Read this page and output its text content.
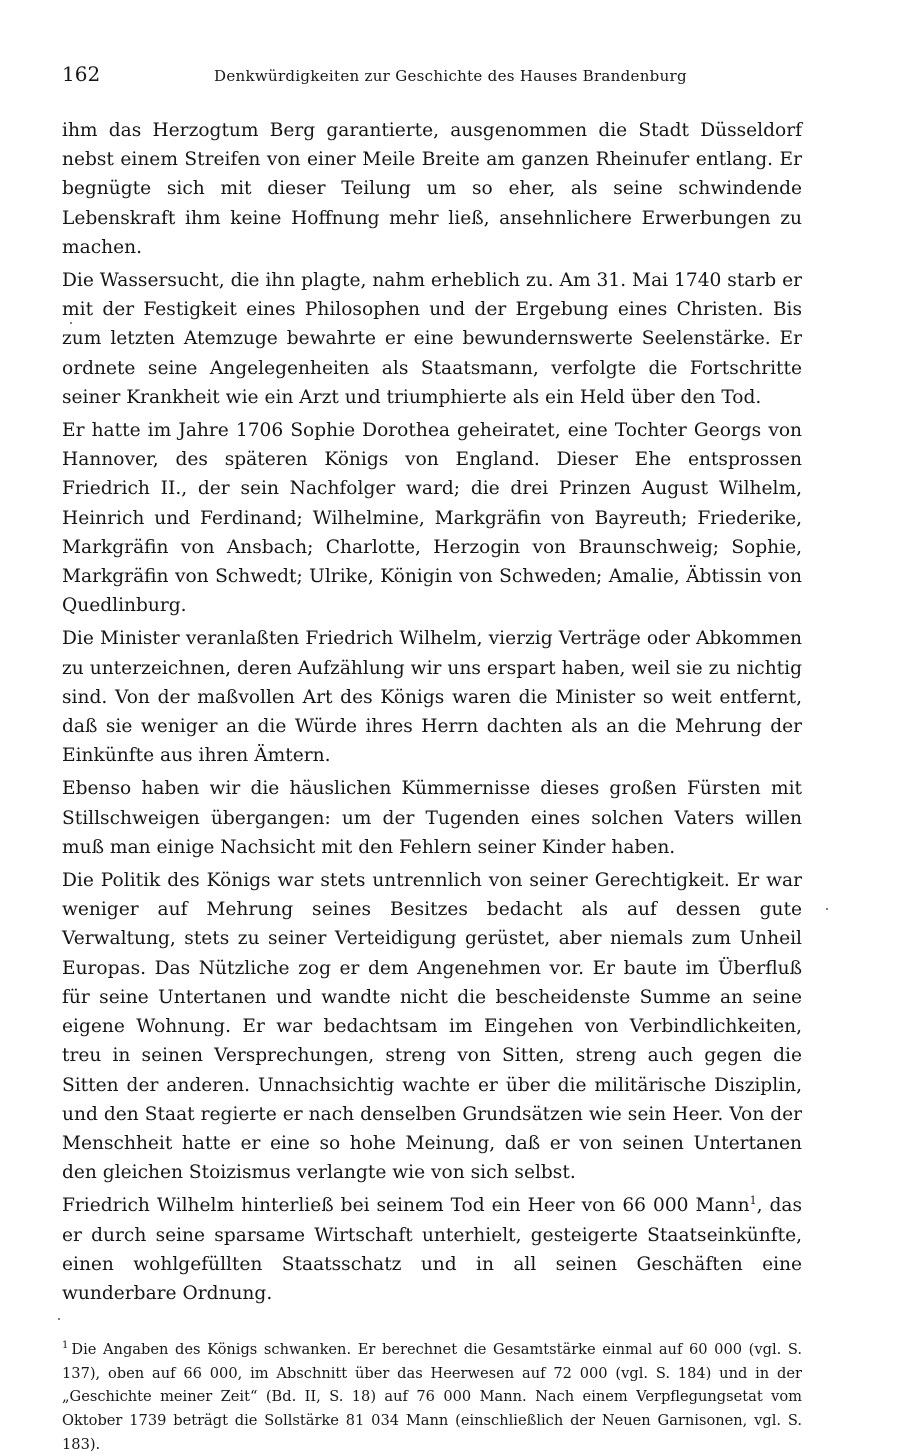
162	Denkwürdigkeiten zur Geschichte des Hauses Brandenburg

ihm das Herzogtum Berg garantierte, ausgenommen die Stadt Düsseldorf nebst einem Streifen von einer Meile Breite am ganzen Rheinufer entlang. Er begnügte sich mit dieser Teilung um so eher, als seine schwindende Lebenskraft ihm keine Hoffnung mehr ließ, ansehnlichere Erwerbungen zu machen.

Die Wassersucht, die ihn plagte, nahm erheblich zu. Am 31. Mai 1740 starb er mit der Festigkeit eines Philosophen und der Ergebung eines Christen. Bis zum letzten Atemzuge bewahrte er eine bewundernswerte Seelenstärke. Er ordnete seine Angelegenheiten als Staatsmann, verfolgte die Fortschritte seiner Krankheit wie ein Arzt und triumphierte als ein Held über den Tod.

Er hatte im Jahre 1706 Sophie Dorothea geheiratet, eine Tochter Georgs von Hannover, des späteren Königs von England. Dieser Ehe entsprossen Friedrich II., der sein Nachfolger ward; die drei Prinzen August Wilhelm, Heinrich und Ferdinand; Wilhelmine, Markgräfin von Bayreuth; Friederike, Markgräfin von Ansbach; Charlotte, Herzogin von Braunschweig; Sophie, Markgräfin von Schwedt; Ulrike, Königin von Schweden; Amalie, Äbtissin von Quedlinburg.

Die Minister veranlaßten Friedrich Wilhelm, vierzig Verträge oder Abkommen zu unterzeichnen, deren Aufzählung wir uns erspart haben, weil sie zu nichtig sind. Von der maßvollen Art des Königs waren die Minister so weit entfernt, daß sie weniger an die Würde ihres Herrn dachten als an die Mehrung der Einkünfte aus ihren Ämtern.

Ebenso haben wir die häuslichen Kümmernisse dieses großen Fürsten mit Stillschweigen übergangen: um der Tugenden eines solchen Vaters willen muß man einige Nachsicht mit den Fehlern seiner Kinder haben.

Die Politik des Königs war stets untrennlich von seiner Gerechtigkeit. Er war weniger auf Mehrung seines Besitzes bedacht als auf dessen gute Verwaltung, stets zu seiner Verteidigung gerüstet, aber niemals zum Unheil Europas. Das Nützliche zog er dem Angenehmen vor. Er baute im Überfluß für seine Untertanen und wandte nicht die bescheidenste Summe an seine eigene Wohnung. Er war bedachtsam im Eingehen von Verbindlichkeiten, treu in seinen Versprechungen, streng von Sitten, streng auch gegen die Sitten der anderen. Unnachsichtig wachte er über die militärische Disziplin, und den Staat regierte er nach denselben Grundsätzen wie sein Heer. Von der Menschheit hatte er eine so hohe Meinung, daß er von seinen Untertanen den gleichen Stoizismus verlangte wie von sich selbst.

Friedrich Wilhelm hinterließ bei seinem Tod ein Heer von 66 000 Mann$^1$, das er durch seine sparsame Wirtschaft unterhielt, gesteigerte Staatseinkünfte, einen wohlgefüllten Staatsschatz und in all seinen Geschäften eine wunderbare Ordnung.

$^1$ Die Angaben des Königs schwanken. Er berechnet die Gesamtstärke einmal auf 60 000 (vgl. S. 137), oben auf 66 000, im Abschnitt über das Heerwesen auf 72 000 (vgl. S. 184) und in der „Geschichte meiner Zeit“ (Bd. II, S. 18) auf 76 000 Mann. Nach einem Verpflegungsetat vom Oktober 1739 beträgt die Sollstärke 81 034 Mann (einschließlich der Neuen Garnisonen, vgl. S. 183).
